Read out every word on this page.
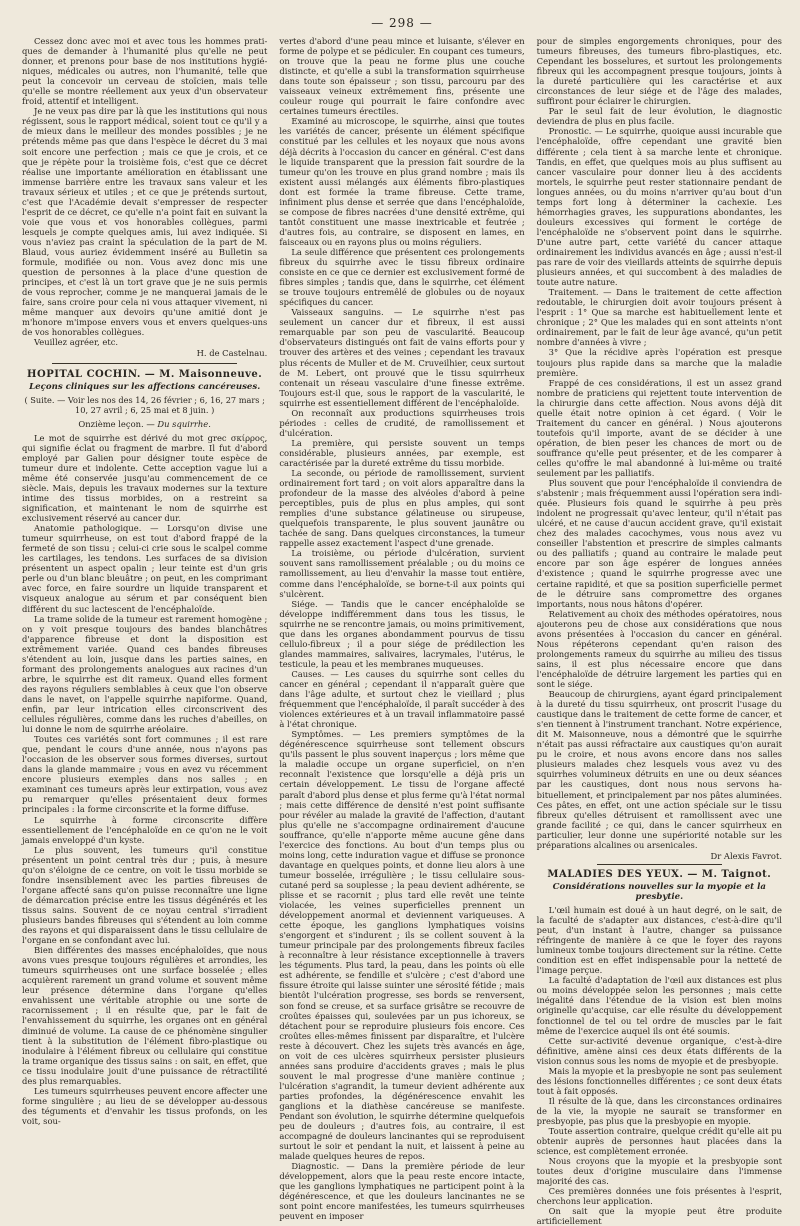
— 298 —

Cessez donc avec moi et avec tous les hommes pratiques de demander à l'humanité plus qu'elle ne peut donner, et prenons pour base de nos institutions hygiéniques, médicales ou autres, non l'humanité, telle que peut la concevoir un cerveau de stoïcien, mais telle qu'elle se montre réellement aux yeux d'un observateur froid, attentif et intelligent.

Je ne veux pas dire par là que les institutions qui nous régissent, sous le rapport médical, soient tout ce qu'il y a de mieux dans le meilleur des mondes possibles ; je ne prétends même pas que dans l'espèce le décret du 3 mai soit encore une perfection ; mais ce que je crois, et ce que je répète pour la troisième fois, c'est que ce décret réalise une importante amélioration en établissant une immense barrière entre les travaux sans valeur et les travaux sérieux et utiles ; et ce que je prétends surtout, c'est que l'Académie devait s'empresser de respecter l'esprit de ce décret, ce qu'elle n'a point fait en suivant la voie que vous et vos honorables collègues, parmi lesquels je compte quelques amis, lui avez indiquée. Si vous n'aviez pas craint la spéculation de la part de M. Blaud, vous auriez évidemment inséré au Bulletin sa formule, modifiée ou non. Vous avez donc mis une question de personnes à la place d'une question de principes, et c'est là un tort grave que je ne suis permis de vous reprocher, comme je ne manquerai jamais de le faire, sans croire pour cela ni vous attaquer vivement, ni même manquer aux devoirs qu'une amitié dont je m'honore m'impose envers vous et envers quelques-uns de vos honorables collègues.

Veuillez agréer, etc.

H. de Castelnau.
HOPITAL COCHIN. — M. Maisonneuve.
Leçons cliniques sur les affections cancéreuses.
( Suite. — Voir les nos des 14, 26 février ; 6, 16, 27 mars ; 10, 27 avril ; 6, 25 mai et 8 juin. )
Onzième leçon. — Du squirrhe.

Le mot de squirrhe est dérivé du mot grec σκίρρος, qui signifie éclat ou fragment de marbre. Il fut d'abord employé par Galien pour désigner toute espèce de tumeur dure et indolente. Cette acception vague lui a même été conservée jusqu'au commencement de ce siècle. Mais, depuis les travaux modernes sur la texture intime des tissus morbides, on a restreint sa signification, et maintenant le nom de squirrhe est exclusivement réservé au cancer dur.

Anatomie pathologique. — Lorsqu'on divise une tumeur squirrheuse, on est tout d'abord frappé de la fermeté de son tissu ; celui-ci crie sous le scalpel comme les cartilages, les tendons. Les surfaces de sa division présentent un aspect opalin ; leur teinte est d'un gris perle ou d'un blanc bleuâtre ; on peut, en les comprimant avec force, en faire sourdre un liquide transparent et visqueux analogue au sérum et par conséquent bien différent du suc lactescent de l'encéphaloïde.

La trame solide de la tumeur est rarement homogène ; on y voit presque toujours des bandes blanchâtres d'apparence fibreuse et dont la disposition est extrêmement variée. Quand ces bandes fibreuses s'étendent au loin, jusque dans les parties saines, en formant des prolongements analogues aux racines d'un arbre, le squirrhe est dit rameux. Quand elles forment des rayons réguliers semblables à ceux que l'on observe dans le navet, on l'appelle squirrhe napiforme. Quand, enfin, par leur intrication elles circonscrivent des cellules régulières, comme dans les ruches d'abeilles, on lui donne le nom de squirrhe aréolaire.

Toutes ces variétés sont fort communes ; il est rare que, pendant le cours d'une année, nous n'ayons pas l'occasion de les observer sous formes diverses, surtout dans la glande mammaire ; vous en avez vu récemment encore plusieurs exemples dans nos salles ; en examinant ces tumeurs après leur extirpation, vous avez pu remarquer qu'elles présentaient deux formes principales : la forme circonscrite et la forme diffuse.

Le squirrhe à forme circonscrite diffère essentiellement de l'encéphaloïde en ce qu'on ne le voit jamais enveloppé d'un kyste.

Le plus souvent, les tumeurs qu'il constitue présentent un point central très dur ; puis, à mesure qu'on s'éloigne de ce centre, on voit le tissu morbide se fondre insensiblement avec les parties fibreuses de l'organe affecté sans qu'on puisse reconnaître une ligne de démarcation précise entre les tissus dégénérés et les tissus sains. Souvent de ce noyau central s'irradient plusieurs bandes fibreuses qui s'étendent au loin comme des rayons et qui disparaissent dans le tissu cellulaire de l'organe en se confondant avec lui.

Bien différentes des masses encéphaloïdes, que nous avons vues presque toujours régulières et arrondies, les tumeurs squirrheuses ont une surface bosselée ; elles acquièrent rarement un grand volume et souvent même leur présence détermine dans l'organe qu'elles envahissent une véritable atrophie ou une sorte de racornissement ; il en résulte que, par le fait de l'envahissement du squirrhe, les organes ont en général diminué de volume. La cause de ce phénomène singulier tient à la substitution de l'élément fibro-plastique ou inodulaire à l'élément fibreux ou cellulaire qui constitue la trame organique des tissus sains : on sait, en effet, que ce tissu inodulaire jouit d'une puissance de rétractilité des plus remarquables.

Les tumeurs squirrheuses peuvent encore affecter une forme singulière ; au lieu de se développer au-dessous des téguments et d'envahir les tissus profonds, on les voit, sou-

vertes d'abord d'une peau mince et luisante, s'élever en forme de polype et se pédiculer. En coupant ces tumeurs, on trouve que la peau ne forme plus une couche distincte, et qu'elle a subi la transformation squirrheuse dans toute son épaisseur ; son tissu, parcouru par des vaisseaux veineux extrêmement fins, présente une couleur rouge qui pourrait le faire confondre avec certaines tumeurs érectiles.

Examiné au microscope, le squirrhe, ainsi que toutes les variétés de cancer, présente un élément spécifique constitué par les cellules et les noyaux que nous avons déjà décrits à l'occasion du cancer en général. C'est dans le liquide transparent que la pression fait sourdre de la tumeur qu'on les trouve en plus grand nombre ; mais ils existent aussi mélangés aux éléments fibro-plastiques dont est formée la trame fibreuse. Cette trame, infiniment plus dense et serrée que dans l'encéphaloïde, se compose de fibres nacrées d'une densité extrême, qui tantôt constituent une masse inextricable et feutrée ; d'autres fois, au contraire, se disposent en lames, en faisceaux ou en rayons plus ou moins réguliers.

La seule différence que présentent ces prolongements fibreux du squirrhe avec le tissu fibreux ordinaire consiste en ce que ce dernier est exclusivement formé de fibres simples ; tandis que, dans le squirrhe, cet élément se trouve toujours entremêlé de globules ou de noyaux spécifiques du cancer.

Vaisseaux sanguins. — Le squirrhe n'est pas seulement un cancer dur et fibreux, il est aussi remarquable par son peu de vascularité. Beaucoup d'observateurs distingués ont fait de vains efforts pour y trouver des artères et des veines ; cependant les travaux plus récents de Muller et de M. Cruveilhier, ceux surtout de M. Lebert, ont prouvé que le tissu squirrheux contenait un réseau vasculaire d'une finesse extrême. Toujours est-il que, sous le rapport de la vascularité, le squirrhe est essentiellement différent de l'encéphaloïde.

On reconnaît aux productions squirrheuses trois périodes : celles de crudité, de ramollissement et d'ulcération.

La première, qui persiste souvent un temps considérable, plusieurs années, par exemple, est caractérisée par la dureté extrême du tissu morbide.

La seconde, ou période de ramollissement, survient ordinairement fort tard ; on voit alors apparaître dans la profondeur de la masse des alvéoles d'abord à peine perceptibles, puis de plus en plus amples, qui sont remplies d'une substance gélatineuse ou sirupeuse, quelquefois transparente, le plus souvent jaunâtre ou tachée de sang. Dans quelques circonstances, la tumeur rappelle assez exactement l'aspect d'une grenade.

La troisième, ou période d'ulcération, survient souvent sans ramollissement préalable ; ou du moins ce ramollissement, au lieu d'envahir la masse tout entière, comme dans l'encéphaloïde, se borne-t-il aux points qui s'ulcèrent.

Siége. — Tandis que le cancer encéphaloïde se développe indifféremment dans tous les tissus, le squirrhe ne se rencontre jamais, ou moins primitivement, que dans les organes abondamment pourvus de tissu cellulo-fibreux ; il a pour siége de prédilection les glandes mammaires, salivaires, lacrymales, l'utérus, le testicule, la peau et les membranes muqueuses.

Causes. — Les causes du squirrhe sont celles du cancer en général ; cependant il n'apparaît guère que dans l'âge adulte, et surtout chez le vieillard ; plus fréquemment que l'encéphaloïde, il paraît succéder à des violences extérieures et à un travail inflammatoire passé à l'état chronique.

Symptômes. — Les premiers symptômes de la dégénérescence squirrheuse sont tellement obscurs qu'ils passent le plus souvent inaperçus ; lors même que la maladie occupe un organe superficiel, on n'en reconnaît l'existence que lorsqu'elle a déjà pris un certain développement. Le tissu de l'organe affecté paraît d'abord plus dense et plus ferme qu'à l'état normal ; mais cette différence de densité n'est point suffisante pour révéler au malade la gravité de l'affection, d'autant plus qu'elle ne s'accompagne ordinairement d'aucune souffrance, qu'elle n'apporte même aucune gêne dans l'exercice des fonctions. Au bout d'un temps plus ou moins long, cette induration vague et diffuse se prononce davantage en quelques points, et donne lieu alors à une tumeur bosselée, irrégulière ; le tissu cellulaire sous-cutané perd sa souplesse ; la peau devient adhérente, se plisse et se racornit ; plus tard elle revêt une teinte violacée, les veines superficielles prennent un développement anormal et deviennent variqueuses. A cette époque, les ganglions lymphatiques voisins s'engorgent et s'indurent ; ils se collent souvent à la tumeur principale par des prolongements fibreux faciles à reconnaître à leur résistance exceptionnelle à travers les téguments. Plus tard, la peau, dans les points où elle est adhérente, se fendille et s'ulcère ; c'est d'abord une fissure étroite qui laisse suinter une sérosité fétide ; mais bientôt l'ulcération progresse, ses bords se renversent, son fond se creuse, et sa surface grisâtre se recouvre de croûtes épaisses qui, soulevées par un pus ichoreux, se détachent pour se reproduire plusieurs fois encore. Ces croûtes elles-mêmes finissent par disparaître, et l'ulcère reste à découvert. Chez les sujets très avancés en âge, on voit de ces ulcères squirrheux persister plusieurs années sans produire d'accidents graves ; mais le plus souvent le mal progresse d'une manière continue ; l'ulcération s'agrandit, la tumeur devient adhérente aux parties profondes, la dégénérescence envahit les ganglions et la diathèse cancéreuse se manifeste. Pendant son évolution, le squirrhe détermine quelquefois peu de douleurs ; d'autres fois, au contraire, il est accompagné de douleurs lancinantes qui se reproduisent surtout le soir et pendant la nuit, et laissent à peine au malade quelques heures de repos.

Diagnostic. — Dans la première période de leur développement, alors que la peau reste encore intacte, que les ganglions lymphatiques ne participent point à la dégénérescence, et que les douleurs lancinantes ne se sont point encore manifestées, les tumeurs squirrheuses peuvent en imposer

pour de simples engorgements chroniques, pour des tumeurs fibreuses, des tumeurs fibro-plastiques, etc. Cependant les bosselures, et surtout les prolongements fibreux qui les accompagnent presque toujours, joints à la dureté particulière qui les caractérise et aux circonstances de leur siége et de l'âge des malades, suffiront pour éclairer le chirurgien.

Par le seul fait de leur évolution, le diagnostic deviendra de plus en plus facile.

Pronostic. — Le squirrhe, quoique aussi incurable que l'encéphaloïde, offre cependant une gravité bien différente ; cela tient à sa marche lente et chronique. Tandis, en effet, que quelques mois au plus suffisent au cancer vasculaire pour donner lieu à des accidents mortels, le squirrhe peut rester stationnaire pendant de longues années, ou du moins n'arriver qu'au bout d'un temps fort long à déterminer la cachexie. Les hémorrhagies graves, les suppurations abondantes, les douleurs excessives qui forment le cortége de l'encéphaloïde ne s'observent point dans le squirrhe. D'une autre part, cette variété du cancer attaque ordinairement les individus avancés en âge ; aussi n'est-il pas rare de voir des vieillards atteints de squirrhe depuis plusieurs années, et qui succombent à des maladies de toute autre nature.

Traitement. — Dans le traitement de cette affection redoutable, le chirurgien doit avoir toujours présent à l'esprit : 1° Que sa marche est habituellement lente et chronique ; 2° Que les malades qui en sont atteints n'ont ordinairement, par le fait de leur âge avancé, qu'un petit nombre d'années à vivre ;

3° Que la récidive après l'opération est presque toujours plus rapide dans sa marche que la maladie première.

Frappé de ces considérations, il est un assez grand nombre de praticiens qui rejettent toute intervention de la chirurgie dans cette affection. Nous avons déjà dit quelle était notre opinion à cet égard. ( Voir le Traitement du cancer en général. ) Nous ajouterons toutefois qu'il importe, avant de se décider à une opération, de bien peser les chances de mort ou de souffrance qu'elle peut présenter, et de les comparer à celles qu'offre le mal abandonné à lui-même ou traité seulement par les palliatifs.

Plus souvent que pour l'encéphaloïde il conviendra de s'abstenir ; mais fréquemment aussi l'opération sera indiquée. Plusieurs fois quand le squirrhe à peu près indolent ne progressait qu'avec lenteur, qu'il n'était pas ulcéré, et ne cause d'aucun accident grave, qu'il existait chez des malades cacochymes, vous nous avez vu conseiller l'abstention et prescrire de simples calmants ou des palliatifs ; quand au contraire le malade peut encore par son âge espérer de longues années d'existence ; quand le squirrhe progresse avec une certaine rapidité, et que sa position superficielle permet de le détruire sans compromettre des organes importants, nous nous hâtons d'opérer.

Relativement au choix des méthodes opératoires, nous ajouterons peu de chose aux considérations que nous avons présentées à l'occasion du cancer en général. Nous répéterons cependant qu'en raison des prolongements rameux du squirrhe au milieu des tissus sains, il est plus nécessaire encore que dans l'encéphaloïde de détruire largement les parties qui en sont le siége.

Beaucoup de chirurgiens, ayant égard principalement à la dureté du tissu squirrheux, ont proscrit l'usage du caustique dans le traitement de cette forme de cancer, et s'en tiennent à l'instrument tranchant. Notre expérience, dit M. Maisonneuve, nous a démontré que le squirrhe n'était pas aussi réfractaire aux caustiques qu'on aurait pu le croire, et nous avons encore dans nos salles plusieurs malades chez lesquels vous avez vu des squirrhes volumineux détruits en une ou deux séances par les caustiques, dont nous nous servons habituellement, et principalement par nos pâtes aluminées. Ces pâtes, en effet, ont une action spéciale sur le tissu fibreux qu'elles détruisent et ramollissent avec une grande facilité ; ce qui, dans le cancer squirrheux en particulier, leur donne une supériorité notable sur les préparations alcalines ou arsenicales.

Dr Alexis Favrot.
MALADIES DES YEUX. — M. Taignot.
Considérations nouvelles sur la myopie et la presbytie.

L'œil humain est doué à un haut degré, on le sait, de la faculté de s'adapter aux distances, c'est-à-dire qu'il peut, d'un instant à l'autre, changer sa puissance réfringente de manière à ce que le foyer des rayons lumineux tombe toujours directement sur la rétine. Cette condition est en effet indispensable pour la netteté de l'image perçue.

La faculté d'adaptation de l'œil aux distances est plus ou moins développée selon les personnes ; mais cette inégalité dans l'étendue de la vision est bien moins originelle qu'acquise, car elle résulte du développement fonctionnel de tel ou tel ordre de muscles par le fait même de l'exercice auquel ils ont été soumis.

Cette sur-activité devenue organique, c'est-à-dire définitive, amène ainsi ces deux états différents de la vision connus sous les noms de myopie et de presbyopie.

Mais la myopie et la presbyopie ne sont pas seulement des lésions fonctionnelles différentes ; ce sont deux états tout à fait opposés.

Il résulte de là que, dans les circonstances ordinaires de la vie, la myopie ne saurait se transformer en presbyopie, pas plus que la presbyopie en myopie.

Toute assertion contraire, quelque crédit qu'elle ait pu obtenir auprès de personnes haut placées dans la science, est complètement erronée.

Nous croyons que la myopie et la presbyopie sont toutes deux d'origine musculaire dans l'immense majorité des cas.

Ces premières données une fois présentes à l'esprit, cherchons leur application.

On sait que la myopie peut être produite artificiellement
